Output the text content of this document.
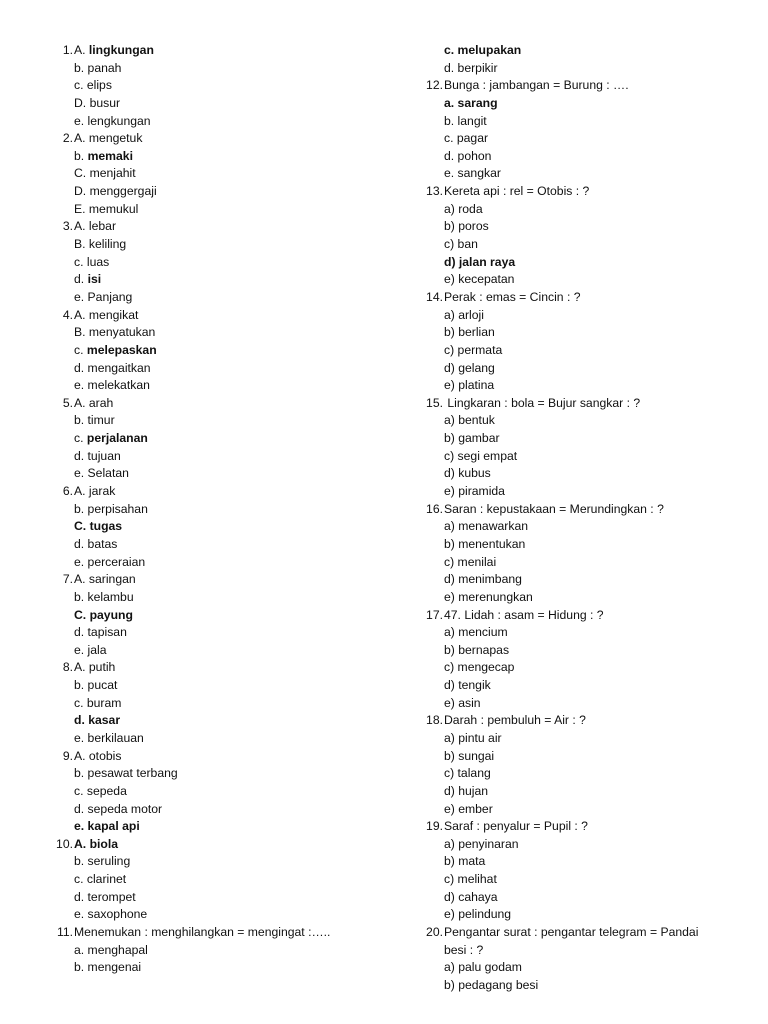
1. A. lingkungan
b. panah
c. elips
D. busur
e. lengkungan
2. A. mengetuk
b. memaki
C. menjahit
D. menggergaji
E. memukul
3. A. lebar
B. keliling
c. luas
d. isi
e. Panjang
4. A. mengikat
B. menyatukan
c. melepaskan
d. mengaitkan
e. melekatkan
5. A. arah
b. timur
c. perjalanan
d. tujuan
e. Selatan
6. A. jarak
b. perpisahan
C. tugas
d. batas
e. perceraian
7. A. saringan
b. kelambu
C. payung
d. tapisan
e. jala
8. A. putih
b. pucat
c. buram
d. kasar
e. berkilauan
9. A. otobis
b. pesawat terbang
c. sepeda
d. sepeda motor
e. kapal api
10. A. biola
b. seruling
c. clarinet
d. terompet
e. saxophone
11. Menemukan : menghilangkan = mengingat :…..
a. menghapal
b. mengenai
c. melupakan
d. berpikir
12. Bunga : jambangan = Burung : ….
a. sarang
b. langit
c. pagar
d. pohon
e. sangkar
13. Kereta api : rel = Otobis : ?
a) roda
b) poros
c) ban
d) jalan raya
e) kecepatan
14. Perak : emas = Cincin : ?
a) arloji
b) berlian
c) permata
d) gelang
e) platina
15. Lingkaran : bola = Bujur sangkar : ?
a) bentuk
b) gambar
c) segi empat
d) kubus
e) piramida
16. Saran : kepustakaan = Merundingkan : ?
a) menawarkan
b) menentukan
c) menilai
d) menimbang
e) merenungkan
17. 47. Lidah : asam = Hidung : ?
a) mencium
b) bernapas
c) mengecap
d) tengik
e) asin
18. Darah : pembuluh = Air : ?
a) pintu air
b) sungai
c) talang
d) hujan
e) ember
19. Saraf : penyalur = Pupil : ?
a) penyinaran
b) mata
c) melihat
d) cahaya
e) pelindung
20. Pengantar surat : pengantar telegram = Pandai
besi : ?
a) palu godam
b) pedagang besi
